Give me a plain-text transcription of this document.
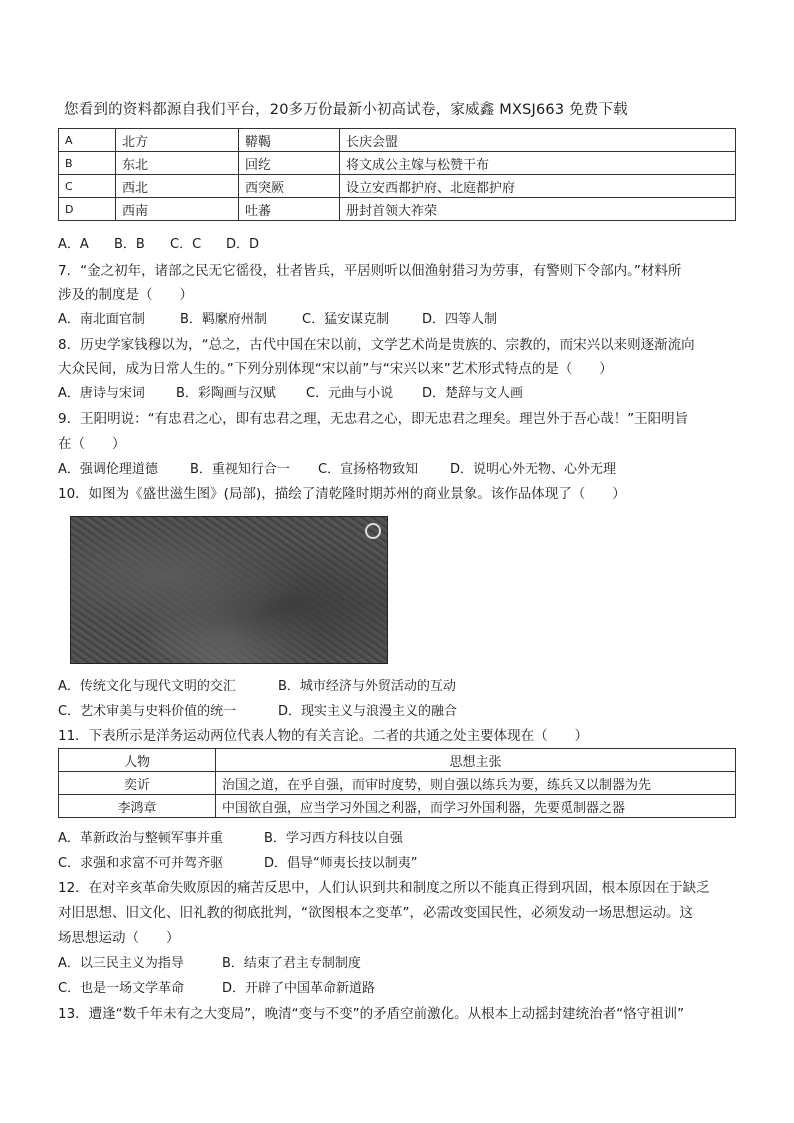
您看到的资料都源自我们平台，20多万份最新小初高试卷，家威鑫 MXSJ663 免费下载
A	北方	鞯鞨	长庆会盟
B	东北	回纥	将文成公主嫁与松赞干布
C	西北	西突厥	设立安西都护府、北庭都护府
D	西南	吐蕃	册封首领大祚荣
A．A B．B C．C D．D
7．“金之初年，诸部之民无它徭役，壮者皆兵，平居则听以佃渔射猎习为劳事，有警则下令部内。”材料所
涉及的制度是（　　）
A．南北面官制	B．羁縻府州制	C．猛安谋克制	D．四等人制
8．历史学家钱穆以为，“总之，古代中国在宋以前，文学艺术尚是贵族的、宗教的，而宋兴以来则逐渐流向
大众民间，成为日常人生的。”下列分别体现“宋以前”与“宋兴以来”艺术形式特点的是（　　）
A．唐诗与宋词 B．彩陶画与汉赋 C．元曲与小说 D．楚辞与文人画
9．王阳明说：“有忠君之心，即有忠君之理，无忠君之心，即无忠君之理矣。理岂外于吾心哉！”王阳明旨
在（　　）
A．强调伦理道德 B．重视知行合一 C．宣扬格物致知 D．说明心外无物、心外无理
10．如图为《盛世滋生图》(局部)，描绘了清乾隆时期苏州的商业景象。该作品体现了（　　）
A．传统文化与现代文明的交汇	B．城市经济与外贸活动的互动
C．艺术审美与史料价值的统一	D．现实主义与浪漫主义的融合
11．下表所示是洋务运动两位代表人物的有关言论。二者的共通之处主要体现在（　　）
人物	思想主张
奕䜣	治国之道，在乎自强，而审时度势，则自强以练兵为要，练兵又以制器为先
李鸿章	中国欲自强，应当学习外国之利器，而学习外国利器，先要觅制器之器
A．革新政治与整顿军事并重	B．学习西方科技以自强
C．求强和求富不可并驾齐驱	D．倡导“师夷长技以制夷”
12．在对辛亥革命失败原因的痛苦反思中，人们认识到共和制度之所以不能真正得到巩固，根本原因在于缺乏
对旧思想、旧文化、旧礼教的彻底批判，“欲图根本之变革”，必需改变国民性，必须发动一场思想运动。这
场思想运动（　　）
A．以三民主义为指导	B．结束了君主专制制度
C．也是一场文学革命	D．开辟了中国革命新道路
13．遭逢“数千年未有之大变局”，晚清“变与不变”的矛盾空前激化。从根本上动摇封建统治者“恪守祖训”
